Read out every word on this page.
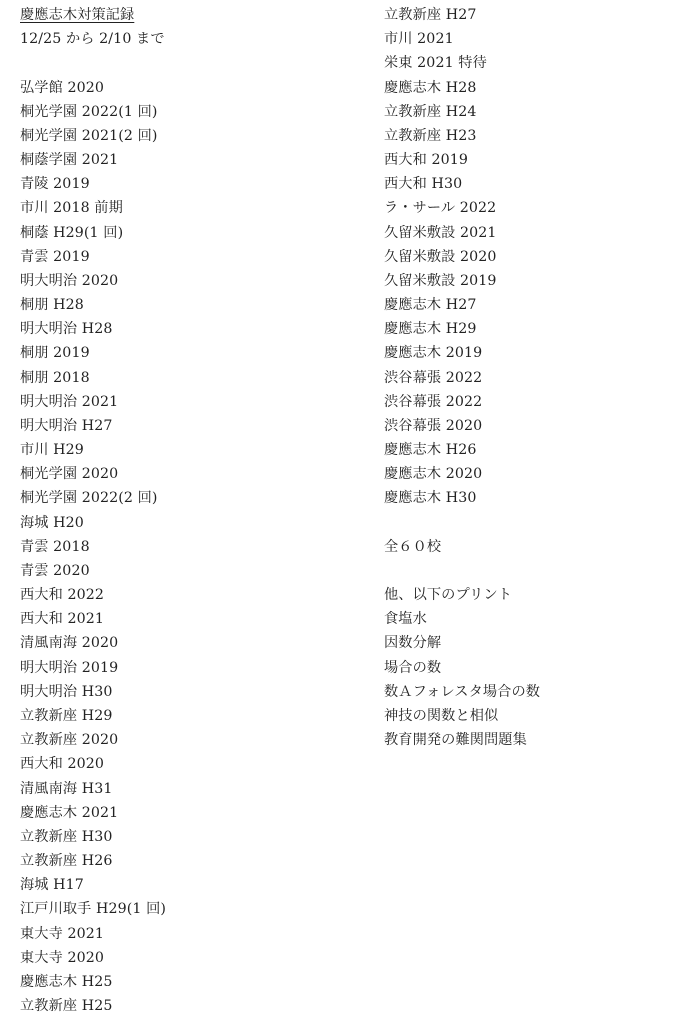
慶應志木対策記録
12/25 から 2/10 まで
弘学館 2020
桐光学園 2022(1 回)
桐光学園 2021(2 回)
桐蔭学園 2021
青陵 2019
市川 2018 前期
桐蔭 H29(1 回)
青雲 2019
明大明治 2020
桐朋 H28
明大明治 H28
桐朋 2019
桐朋 2018
明大明治 2021
明大明治 H27
市川 H29
桐光学園 2020
桐光学園 2022(2 回)
海城 H20
青雲 2018
青雲 2020
西大和 2022
西大和 2021
清風南海 2020
明大明治 2019
明大明治 H30
立教新座 H29
立教新座 2020
西大和 2020
清風南海 H31
慶應志木 2021
立教新座 H30
立教新座 H26
海城 H17
江戸川取手 H29(1 回)
東大寺 2021
東大寺 2020
慶應志木 H25
立教新座 H25
立教新座 H27
市川 2021
栄東 2021 特待
慶應志木 H28
立教新座 H24
立教新座 H23
西大和 2019
西大和 H30
ラ・サール 2022
久留米敷設 2021
久留米敷設 2020
久留米敷設 2019
慶應志木 H27
慶應志木 H29
慶應志木 2019
渋谷幕張 2022
渋谷幕張 2022
渋谷幕張 2020
慶應志木 H26
慶應志木 2020
慶應志木 H30
全６０校
他、以下のプリント
食塩水
因数分解
場合の数
数Ａフォレスタ場合の数
神技の関数と相似
教育開発の難関問題集
